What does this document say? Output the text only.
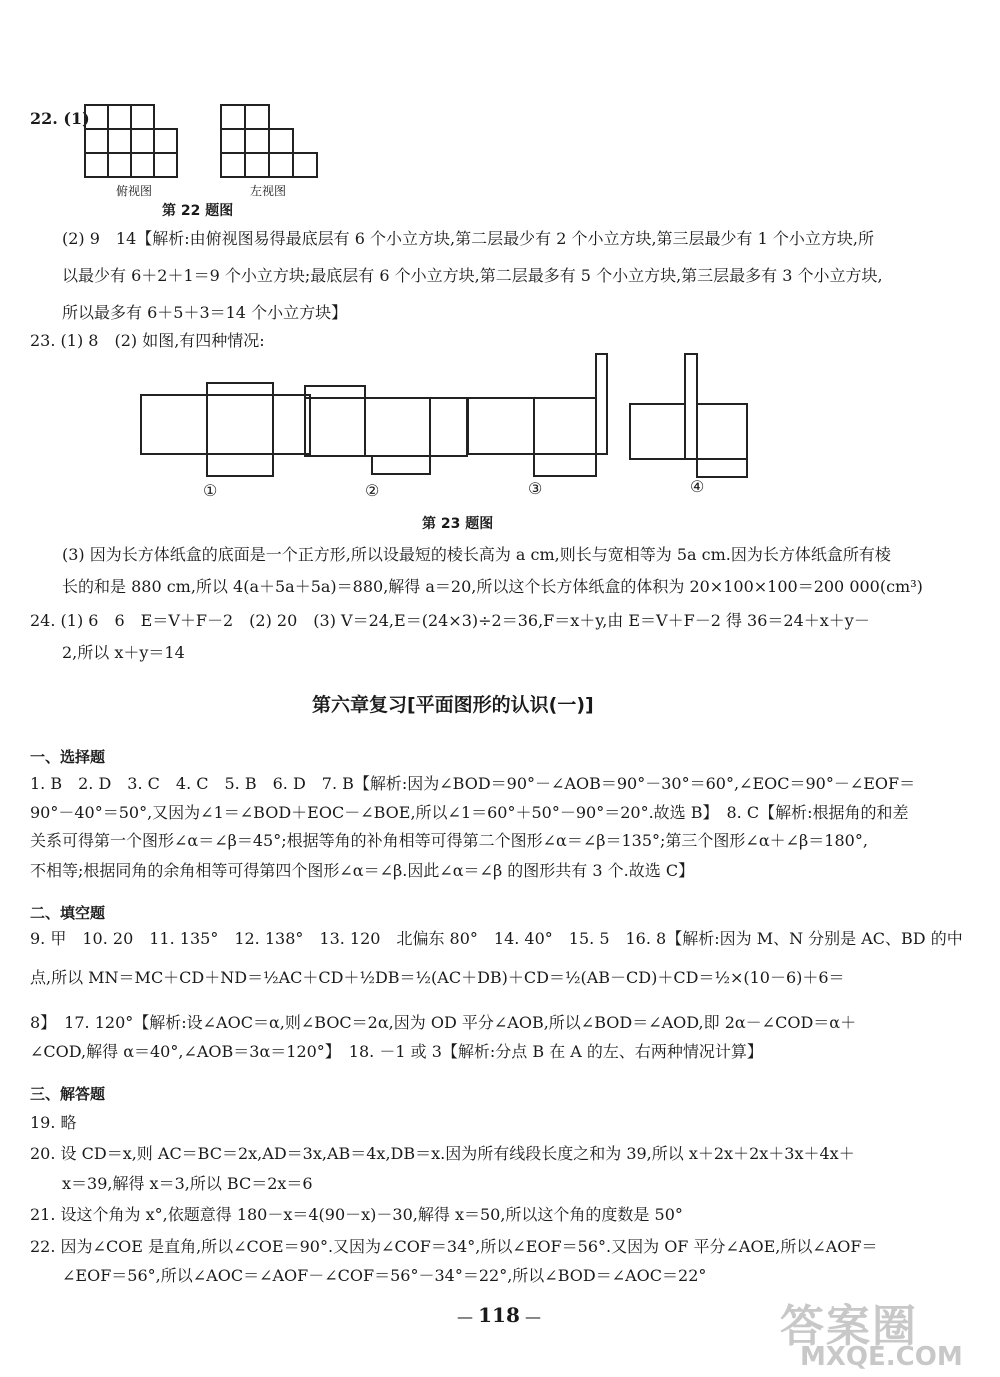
22. (1)
俯视图	左视图
第 22 题图
(2) 9　14【解析:由俯视图易得最底层有 6 个小立方块,第二层最少有 2 个小立方块,第三层最少有 1 个小立方块,所
以最少有 6＋2＋1＝9 个小立方块;最底层有 6 个小立方块,第二层最多有 5 个小立方块,第三层最多有 3 个小立方块,
所以最多有 6＋5＋3＝14 个小立方块】
23. (1) 8　(2) 如图,有四种情况:
①	②	③	④
第 23 题图
(3) 因为长方体纸盒的底面是一个正方形,所以设最短的棱长高为 a cm,则长与宽相等为 5a cm.因为长方体纸盒所有棱
长的和是 880 cm,所以 4(a＋5a＋5a)＝880,解得 a＝20,所以这个长方体纸盒的体积为 20×100×100＝200 000(cm³)
24. (1) 6　6　E＝V＋F－2　(2) 20　(3) V＝24,E＝(24×3)÷2＝36,F＝x＋y,由 E＝V＋F－2 得 36＝24＋x＋y－
2,所以 x＋y＝14
第六章复习[平面图形的认识(一)]
一、选择题
1. B　2. D　3. C　4. C　5. B　6. D　7. B【解析:因为∠BOD＝90°－∠AOB＝90°－30°＝60°,∠EOC＝90°－∠EOF＝
90°－40°＝50°,又因为∠1＝∠BOD＋EOC－∠BOE,所以∠1＝60°＋50°－90°＝20°.故选 B】　8. C【解析:根据角的和差
关系可得第一个图形∠α＝∠β＝45°;根据等角的补角相等可得第二个图形∠α＝∠β＝135°;第三个图形∠α＋∠β＝180°,
不相等;根据同角的余角相等可得第四个图形∠α＝∠β.因此∠α＝∠β 的图形共有 3 个.故选 C】
二、填空题
9. 甲　10. 20　11. 135°　12. 138°　13. 120　北偏东 80°　14. 40°　15. 5　16. 8【解析:因为 M、N 分别是 AC、BD 的中
点,所以 MN＝MC＋CD＋ND＝½AC＋CD＋½DB＝½(AC＋DB)＋CD＝½(AB－CD)＋CD＝½×(10－6)＋6＝
8】　17. 120°【解析:设∠AOC＝α,则∠BOC＝2α,因为 OD 平分∠AOB,所以∠BOD＝∠AOD,即 2α－∠COD＝α＋
∠COD,解得 α＝40°,∠AOB＝3α＝120°】　18. －1 或 3【解析:分点 B 在 A 的左、右两种情况计算】
三、解答题
19. 略
20. 设 CD＝x,则 AC＝BC＝2x,AD＝3x,AB＝4x,DB＝x.因为所有线段长度之和为 39,所以 x＋2x＋2x＋3x＋4x＋
x＝39,解得 x＝3,所以 BC＝2x＝6
21. 设这个角为 x°,依题意得 180－x＝4(90－x)－30,解得 x＝50,所以这个角的度数是 50°
22. 因为∠COE 是直角,所以∠COE＝90°.又因为∠COF＝34°,所以∠EOF＝56°.又因为 OF 平分∠AOE,所以∠AOF＝
∠EOF＝56°,所以∠AOC＝∠AOF－∠COF＝56°－34°＝22°,所以∠BOD＝∠AOC＝22°
— 118 —	答案圈
MXQE.COM
